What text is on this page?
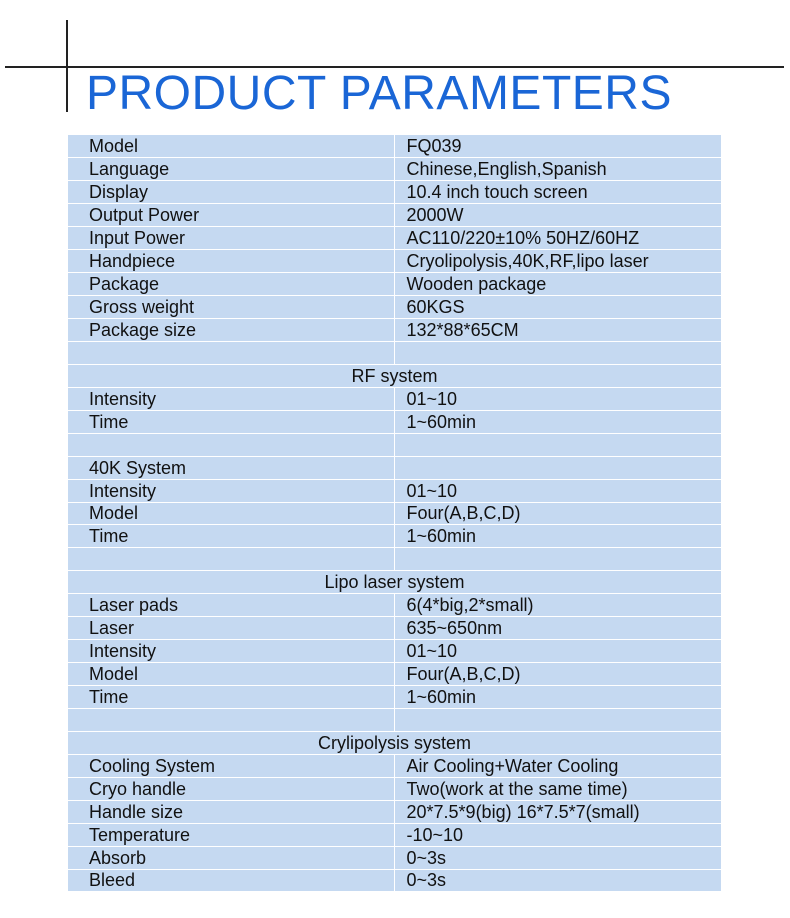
PRODUCT PARAMETERS
Model	FQ039
Language	Chinese,English,Spanish
Display	10.4 inch touch screen
Output Power	2000W
Input Power	AC110/220±10% 50HZ/60HZ
Handpiece	Cryolipolysis,40K,RF,lipo laser
Package	Wooden package
Gross weight	60KGS
Package size	132*88*65CM

RF system	
Intensity	01~10
Time	1~60min

40K System	
Intensity	01~10
Model	Four(A,B,C,D)
Time	1~60min

Lipo laser system	
Laser pads	6(4*big,2*small)
Laser	635~650nm
Intensity	01~10
Model	Four(A,B,C,D)
Time	1~60min

Crylipolysis system	
Cooling System	Air Cooling+Water Cooling
Cryo handle	Two(work at the same time)
Handle size	20*7.5*9(big) 16*7.5*7(small)
Temperature	-10~10
Absorb	0~3s
Bleed	0~3s
